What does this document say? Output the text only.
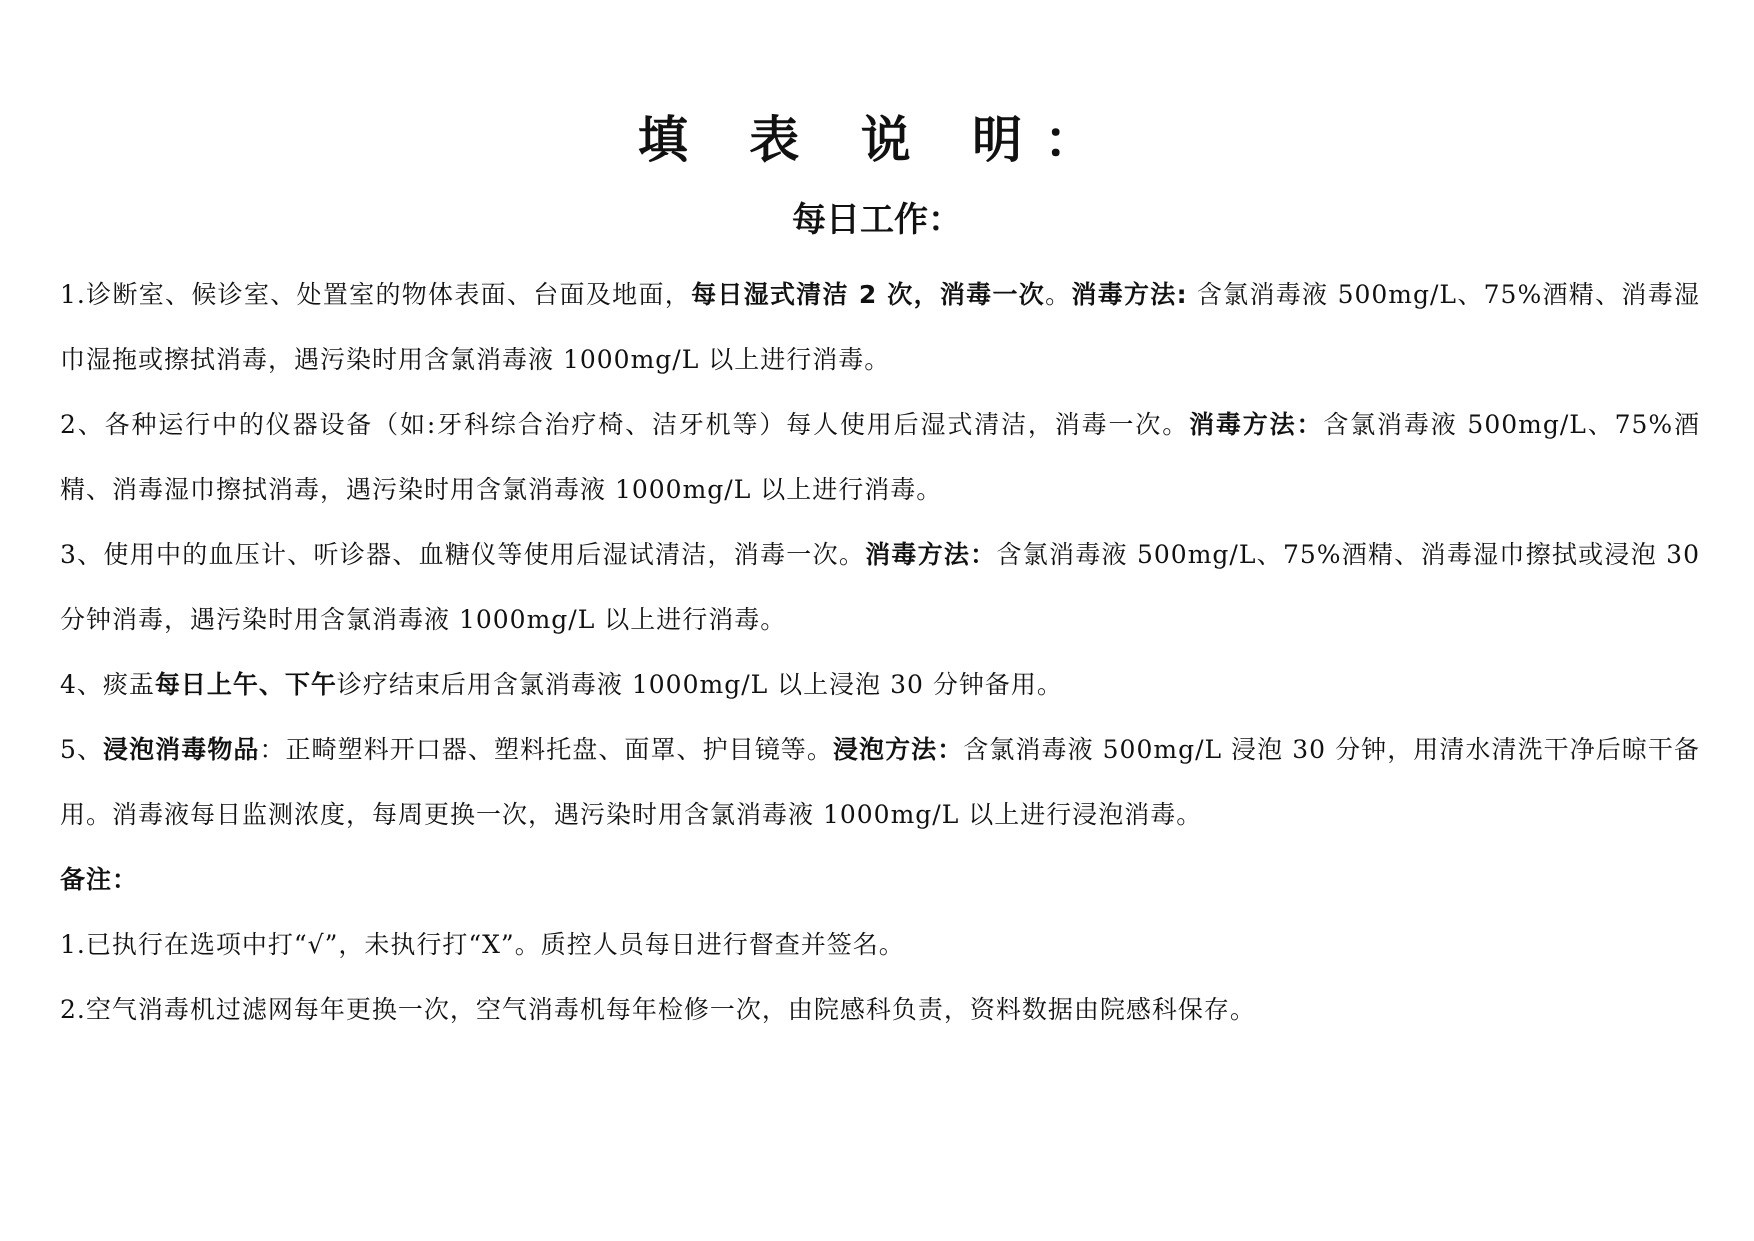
填 表 说 明：
每日工作：

1.诊断室、候诊室、处置室的物体表面、台面及地面，每日湿式清洁 2 次，消毒一次。消毒方法: 含氯消毒液 500mg/L、75%酒精、消毒湿巾湿拖或擦拭消毒，遇污染时用含氯消毒液 1000mg/L 以上进行消毒。

2、各种运行中的仪器设备（如:牙科综合治疗椅、洁牙机等）每人使用后湿式清洁，消毒一次。消毒方法：含氯消毒液 500mg/L、75%酒精、消毒湿巾擦拭消毒，遇污染时用含氯消毒液 1000mg/L 以上进行消毒。

3、使用中的血压计、听诊器、血糖仪等使用后湿试清洁，消毒一次。消毒方法：含氯消毒液 500mg/L、75%酒精、消毒湿巾擦拭或浸泡 30 分钟消毒，遇污染时用含氯消毒液 1000mg/L 以上进行消毒。

4、痰盂每日上午、下午诊疗结束后用含氯消毒液 1000mg/L 以上浸泡 30 分钟备用。

5、浸泡消毒物品：正畸塑料开口器、塑料托盘、面罩、护目镜等。浸泡方法：含氯消毒液 500mg/L 浸泡 30 分钟，用清水清洗干净后晾干备用。消毒液每日监测浓度，每周更换一次，遇污染时用含氯消毒液 1000mg/L 以上进行浸泡消毒。

备注：

1.已执行在选项中打“√”，未执行打“X”。质控人员每日进行督查并签名。

2.空气消毒机过滤网每年更换一次，空气消毒机每年检修一次，由院感科负责，资料数据由院感科保存。
